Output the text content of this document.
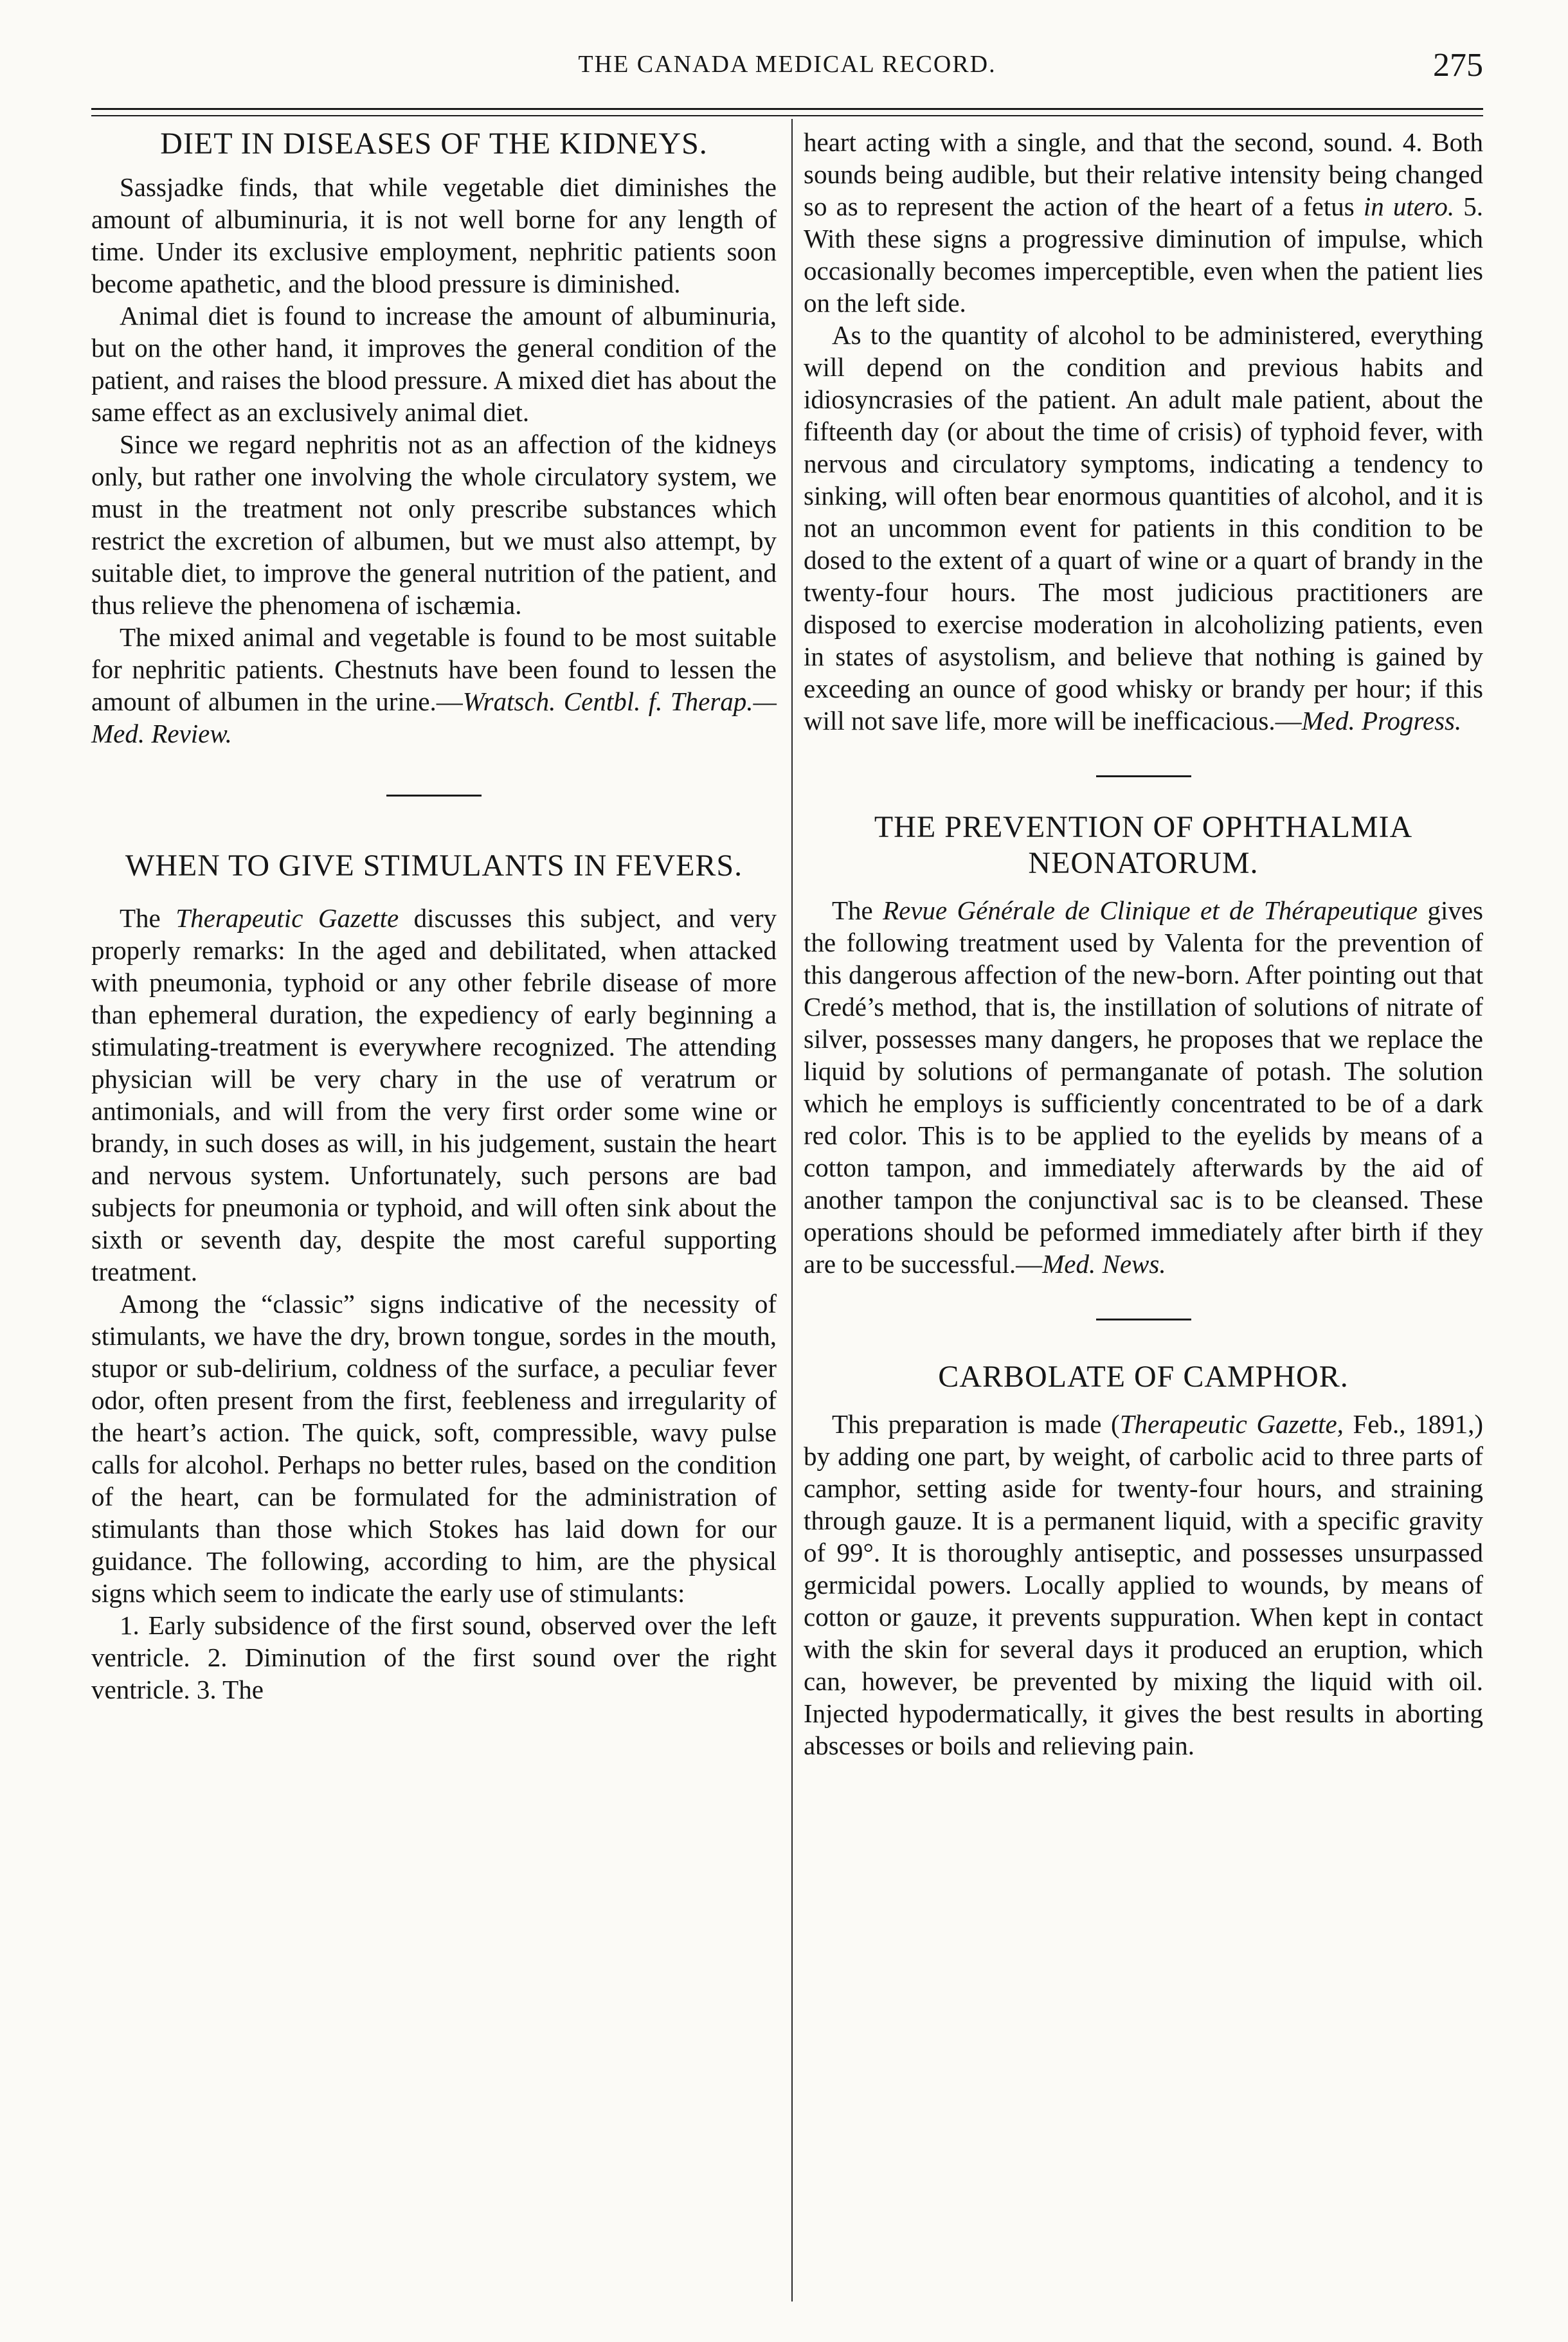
THE CANADA MEDICAL RECORD.	275
DIET IN DISEASES OF THE KIDNEYS.

Sassjadke finds, that while vegetable diet diminishes the amount of albuminuria, it is not well borne for any length of time. Under its exclusive employment, nephritic patients soon become apathetic, and the blood pressure is diminished.

Animal diet is found to increase the amount of albuminuria, but on the other hand, it improves the general condition of the patient, and raises the blood pressure. A mixed diet has about the same effect as an exclusively animal diet.

Since we regard nephritis not as an affection of the kidneys only, but rather one involving the whole circulatory system, we must in the treatment not only prescribe substances which restrict the excretion of albumen, but we must also attempt, by suitable diet, to improve the general nutrition of the patient, and thus relieve the phenomena of ischæmia.

The mixed animal and vegetable is found to be most suitable for nephritic patients. Chestnuts have been found to lessen the amount of albumen in the urine.—Wratsch. Centbl. f. Therap.—Med. Review.

WHEN TO GIVE STIMULANTS IN FEVERS.

The Therapeutic Gazette discusses this subject, and very properly remarks: In the aged and debilitated, when attacked with pneumonia, typhoid or any other febrile disease of more than ephemeral duration, the expediency of early beginning a stimulating-treatment is everywhere recognized. The attending physician will be very chary in the use of veratrum or antimonials, and will from the very first order some wine or brandy, in such doses as will, in his judgement, sustain the heart and nervous system. Unfortunately, such persons are bad subjects for pneumonia or typhoid, and will often sink about the sixth or seventh day, despite the most careful supporting treatment.

Among the “classic” signs indicative of the necessity of stimulants, we have the dry, brown tongue, sordes in the mouth, stupor or sub-delirium, coldness of the surface, a peculiar fever odor, often present from the first, feebleness and irregularity of the heart’s action. The quick, soft, compressible, wavy pulse calls for alcohol. Perhaps no better rules, based on the condition of the heart, can be formulated for the administration of stimulants than those which Stokes has laid down for our guidance. The following, according to him, are the physical signs which seem to indicate the early use of stimulants:

1. Early subsidence of the first sound, observed over the left ventricle. 2. Diminution of the first sound over the right ventricle. 3. The

heart acting with a single, and that the second, sound. 4. Both sounds being audible, but their relative intensity being changed so as to represent the action of the heart of a fetus in utero. 5. With these signs a progressive diminution of impulse, which occasionally becomes imperceptible, even when the patient lies on the left side.

As to the quantity of alcohol to be administered, everything will depend on the condition and previous habits and idiosyncrasies of the patient. An adult male patient, about the fifteenth day (or about the time of crisis) of typhoid fever, with nervous and circulatory symptoms, indicating a tendency to sinking, will often bear enormous quantities of alcohol, and it is not an uncommon event for patients in this condition to be dosed to the extent of a quart of wine or a quart of brandy in the twenty-four hours. The most judicious practitioners are disposed to exercise moderation in alcoholizing patients, even in states of asystolism, and believe that nothing is gained by exceeding an ounce of good whisky or brandy per hour; if this will not save life, more will be inefficacious.—Med. Progress.

THE PREVENTION OF OPHTHALMIA NEONATORUM.

The Revue Générale de Clinique et de Thérapeutique gives the following treatment used by Valenta for the prevention of this dangerous affection of the new-born. After pointing out that Credé’s method, that is, the instillation of solutions of nitrate of silver, possesses many dangers, he proposes that we replace the liquid by solutions of permanganate of potash. The solution which he employs is sufficiently concentrated to be of a dark red color. This is to be applied to the eyelids by means of a cotton tampon, and immediately afterwards by the aid of another tampon the conjunctival sac is to be cleansed. These operations should be peformed immediately after birth if they are to be successful.—Med. News.

CARBOLATE OF CAMPHOR.

This preparation is made (Therapeutic Gazette, Feb., 1891,) by adding one part, by weight, of carbolic acid to three parts of camphor, setting aside for twenty-four hours, and straining through gauze. It is a permanent liquid, with a specific gravity of 99°. It is thoroughly antiseptic, and possesses unsurpassed germicidal powers. Locally applied to wounds, by means of cotton or gauze, it prevents suppuration. When kept in contact with the skin for several days it produced an eruption, which can, however, be prevented by mixing the liquid with oil. Injected hypodermatically, it gives the best results in aborting abscesses or boils and relieving pain.
